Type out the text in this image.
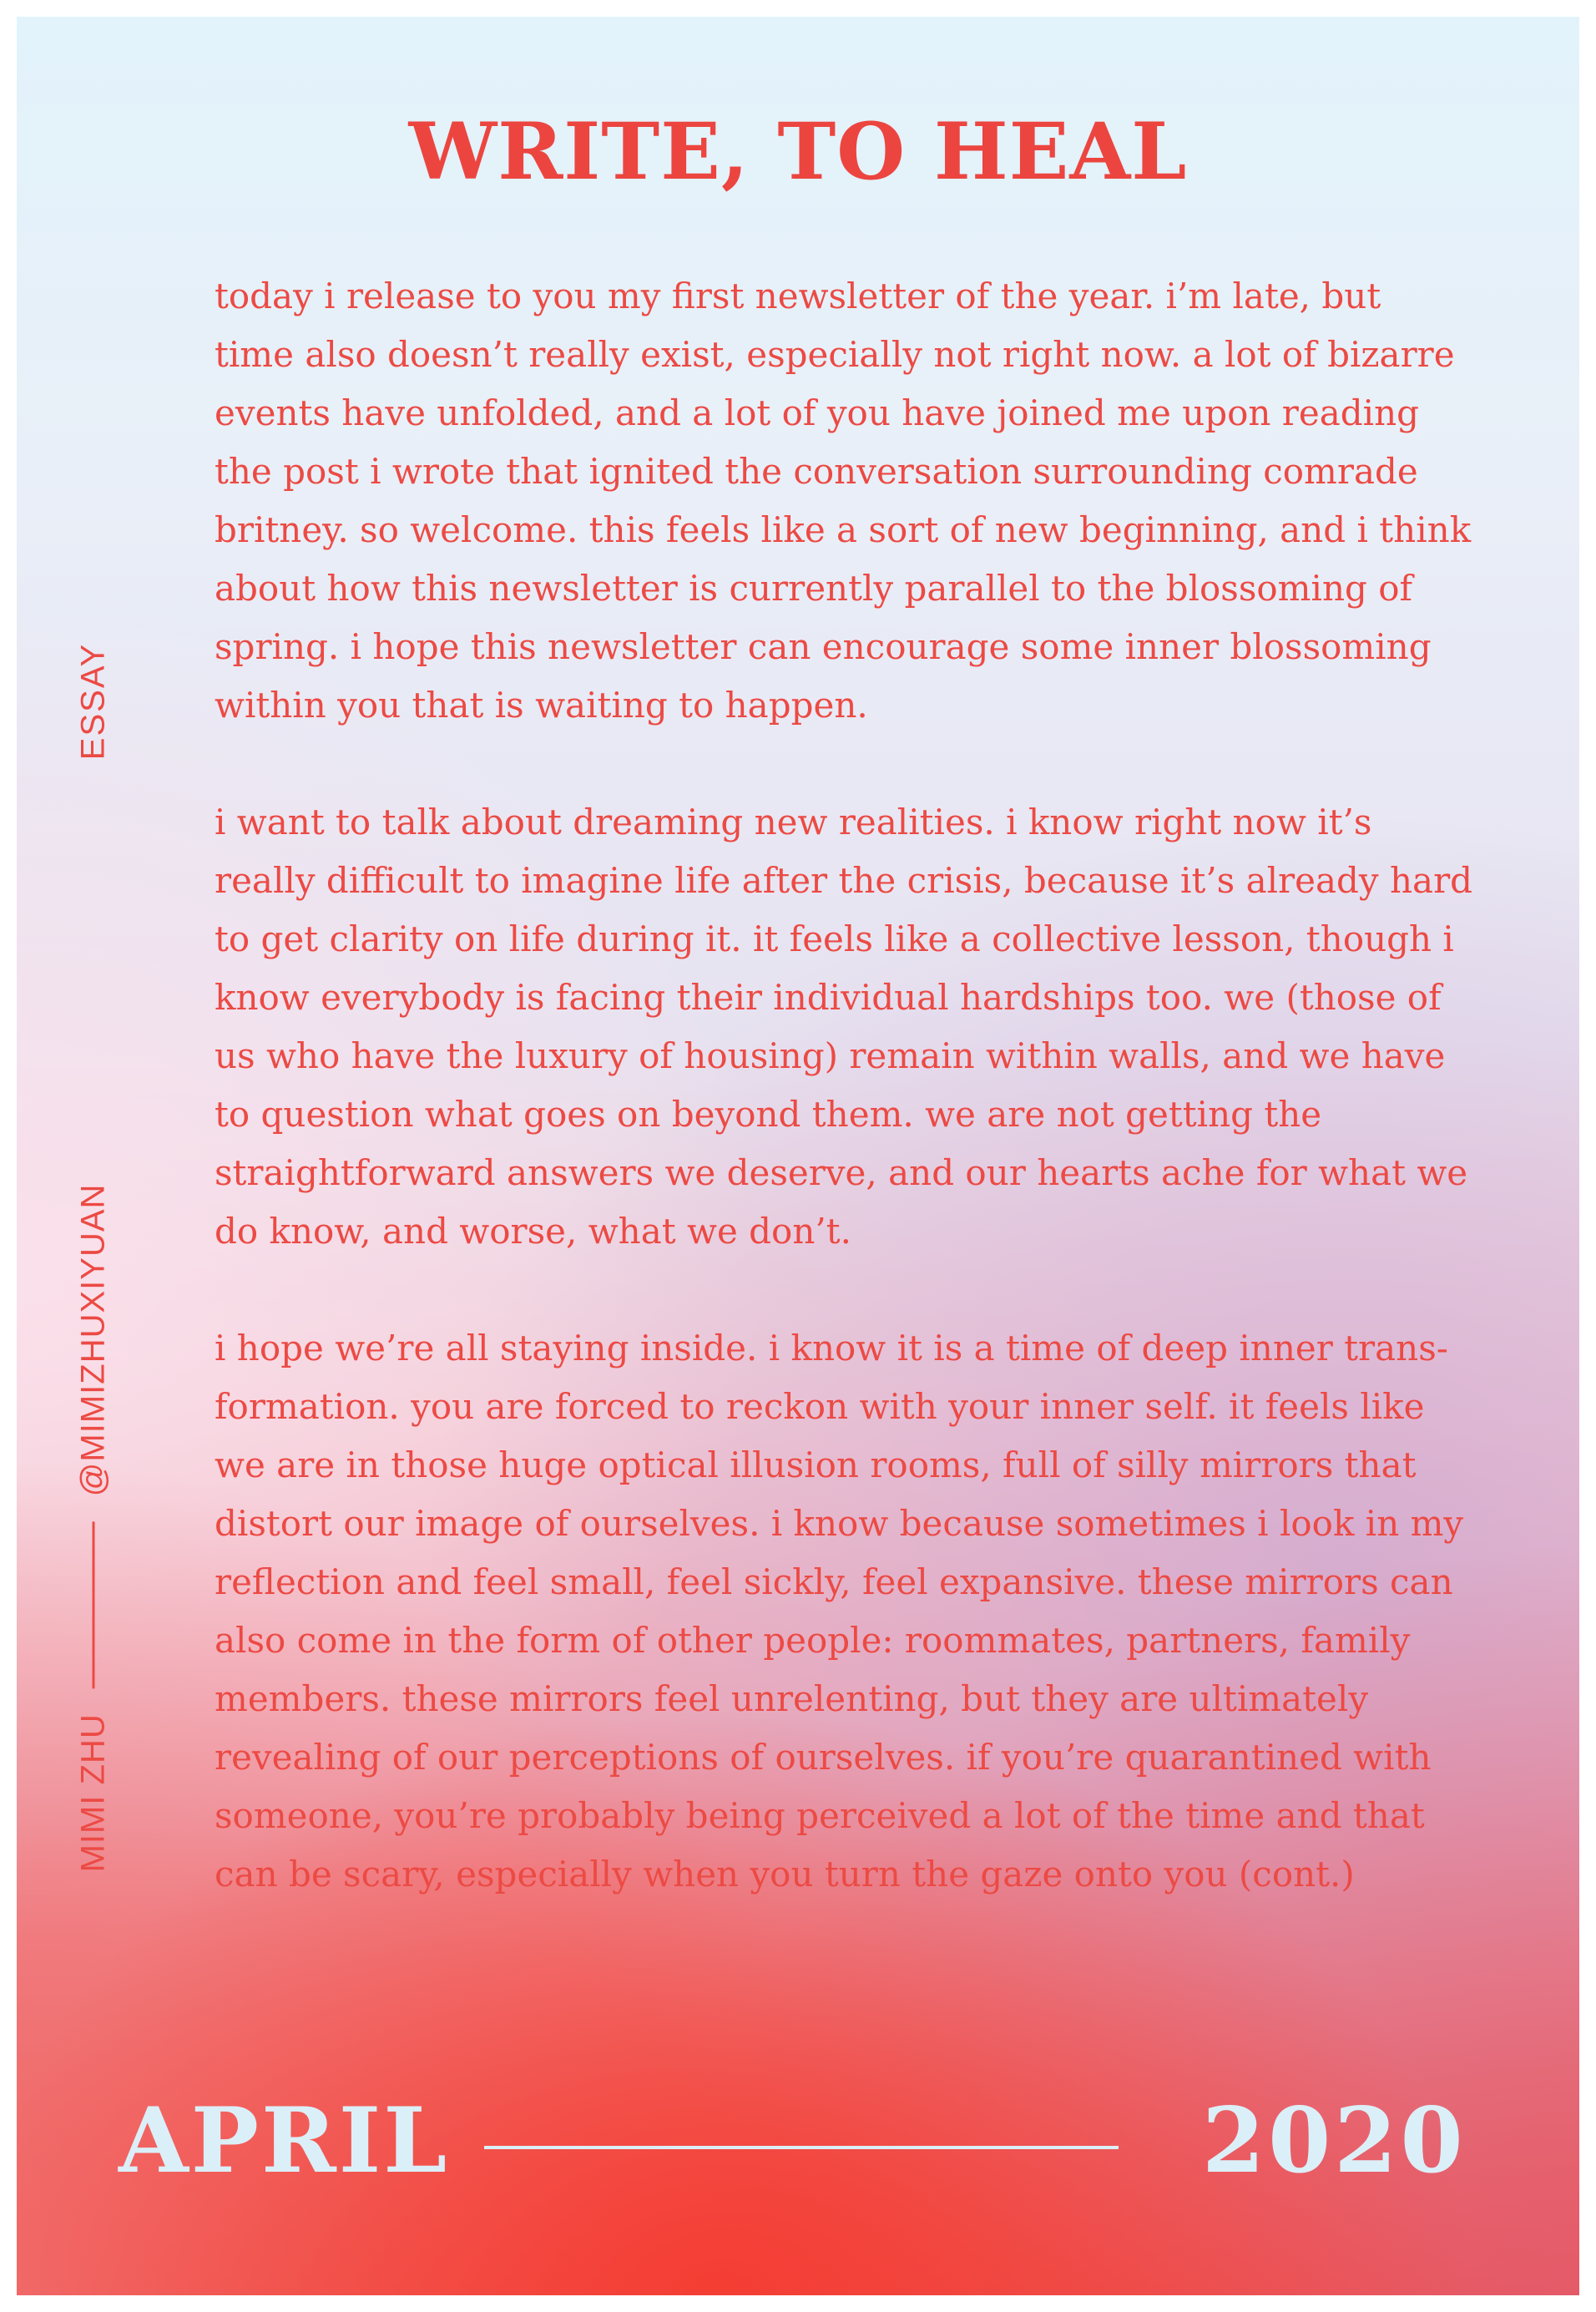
WRITE, TO HEAL
ESSAY
MIMI ZHU
@MIMIZHUXIYUAN

today i release to you my first newsletter of the year. i’m late, but
time also doesn’t really exist, especially not right now. a lot of bizarre
events have unfolded, and a lot of you have joined me upon reading
the post i wrote that ignited the conversation surrounding comrade
britney. so welcome. this feels like a sort of new beginning, and i think
about how this newsletter is currently parallel to the blossoming of
spring. i hope this newsletter can encourage some inner blossoming
within you that is waiting to happen.

i want to talk about dreaming new realities. i know right now it’s
really difficult to imagine life after the crisis, because it’s already hard
to get clarity on life during it. it feels like a collective lesson, though i
know everybody is facing their individual hardships too. we (those of
us who have the luxury of housing) remain within walls, and we have
to question what goes on beyond them. we are not getting the
straightforward answers we deserve, and our hearts ache for what we
do know, and worse, what we don’t.

i hope we’re all staying inside. i know it is a time of deep inner trans-
formation. you are forced to reckon with your inner self. it feels like
we are in those huge optical illusion rooms, full of silly mirrors that
distort our image of ourselves. i know because sometimes i look in my
reflection and feel small, feel sickly, feel expansive. these mirrors can
also come in the form of other people: roommates, partners, family
members. these mirrors feel unrelenting, but they are ultimately
revealing of our perceptions of ourselves. if you’re quarantined with
someone, you’re probably being perceived a lot of the time and that
can be scary, especially when you turn the gaze onto you (cont.)

APRIL	2020
